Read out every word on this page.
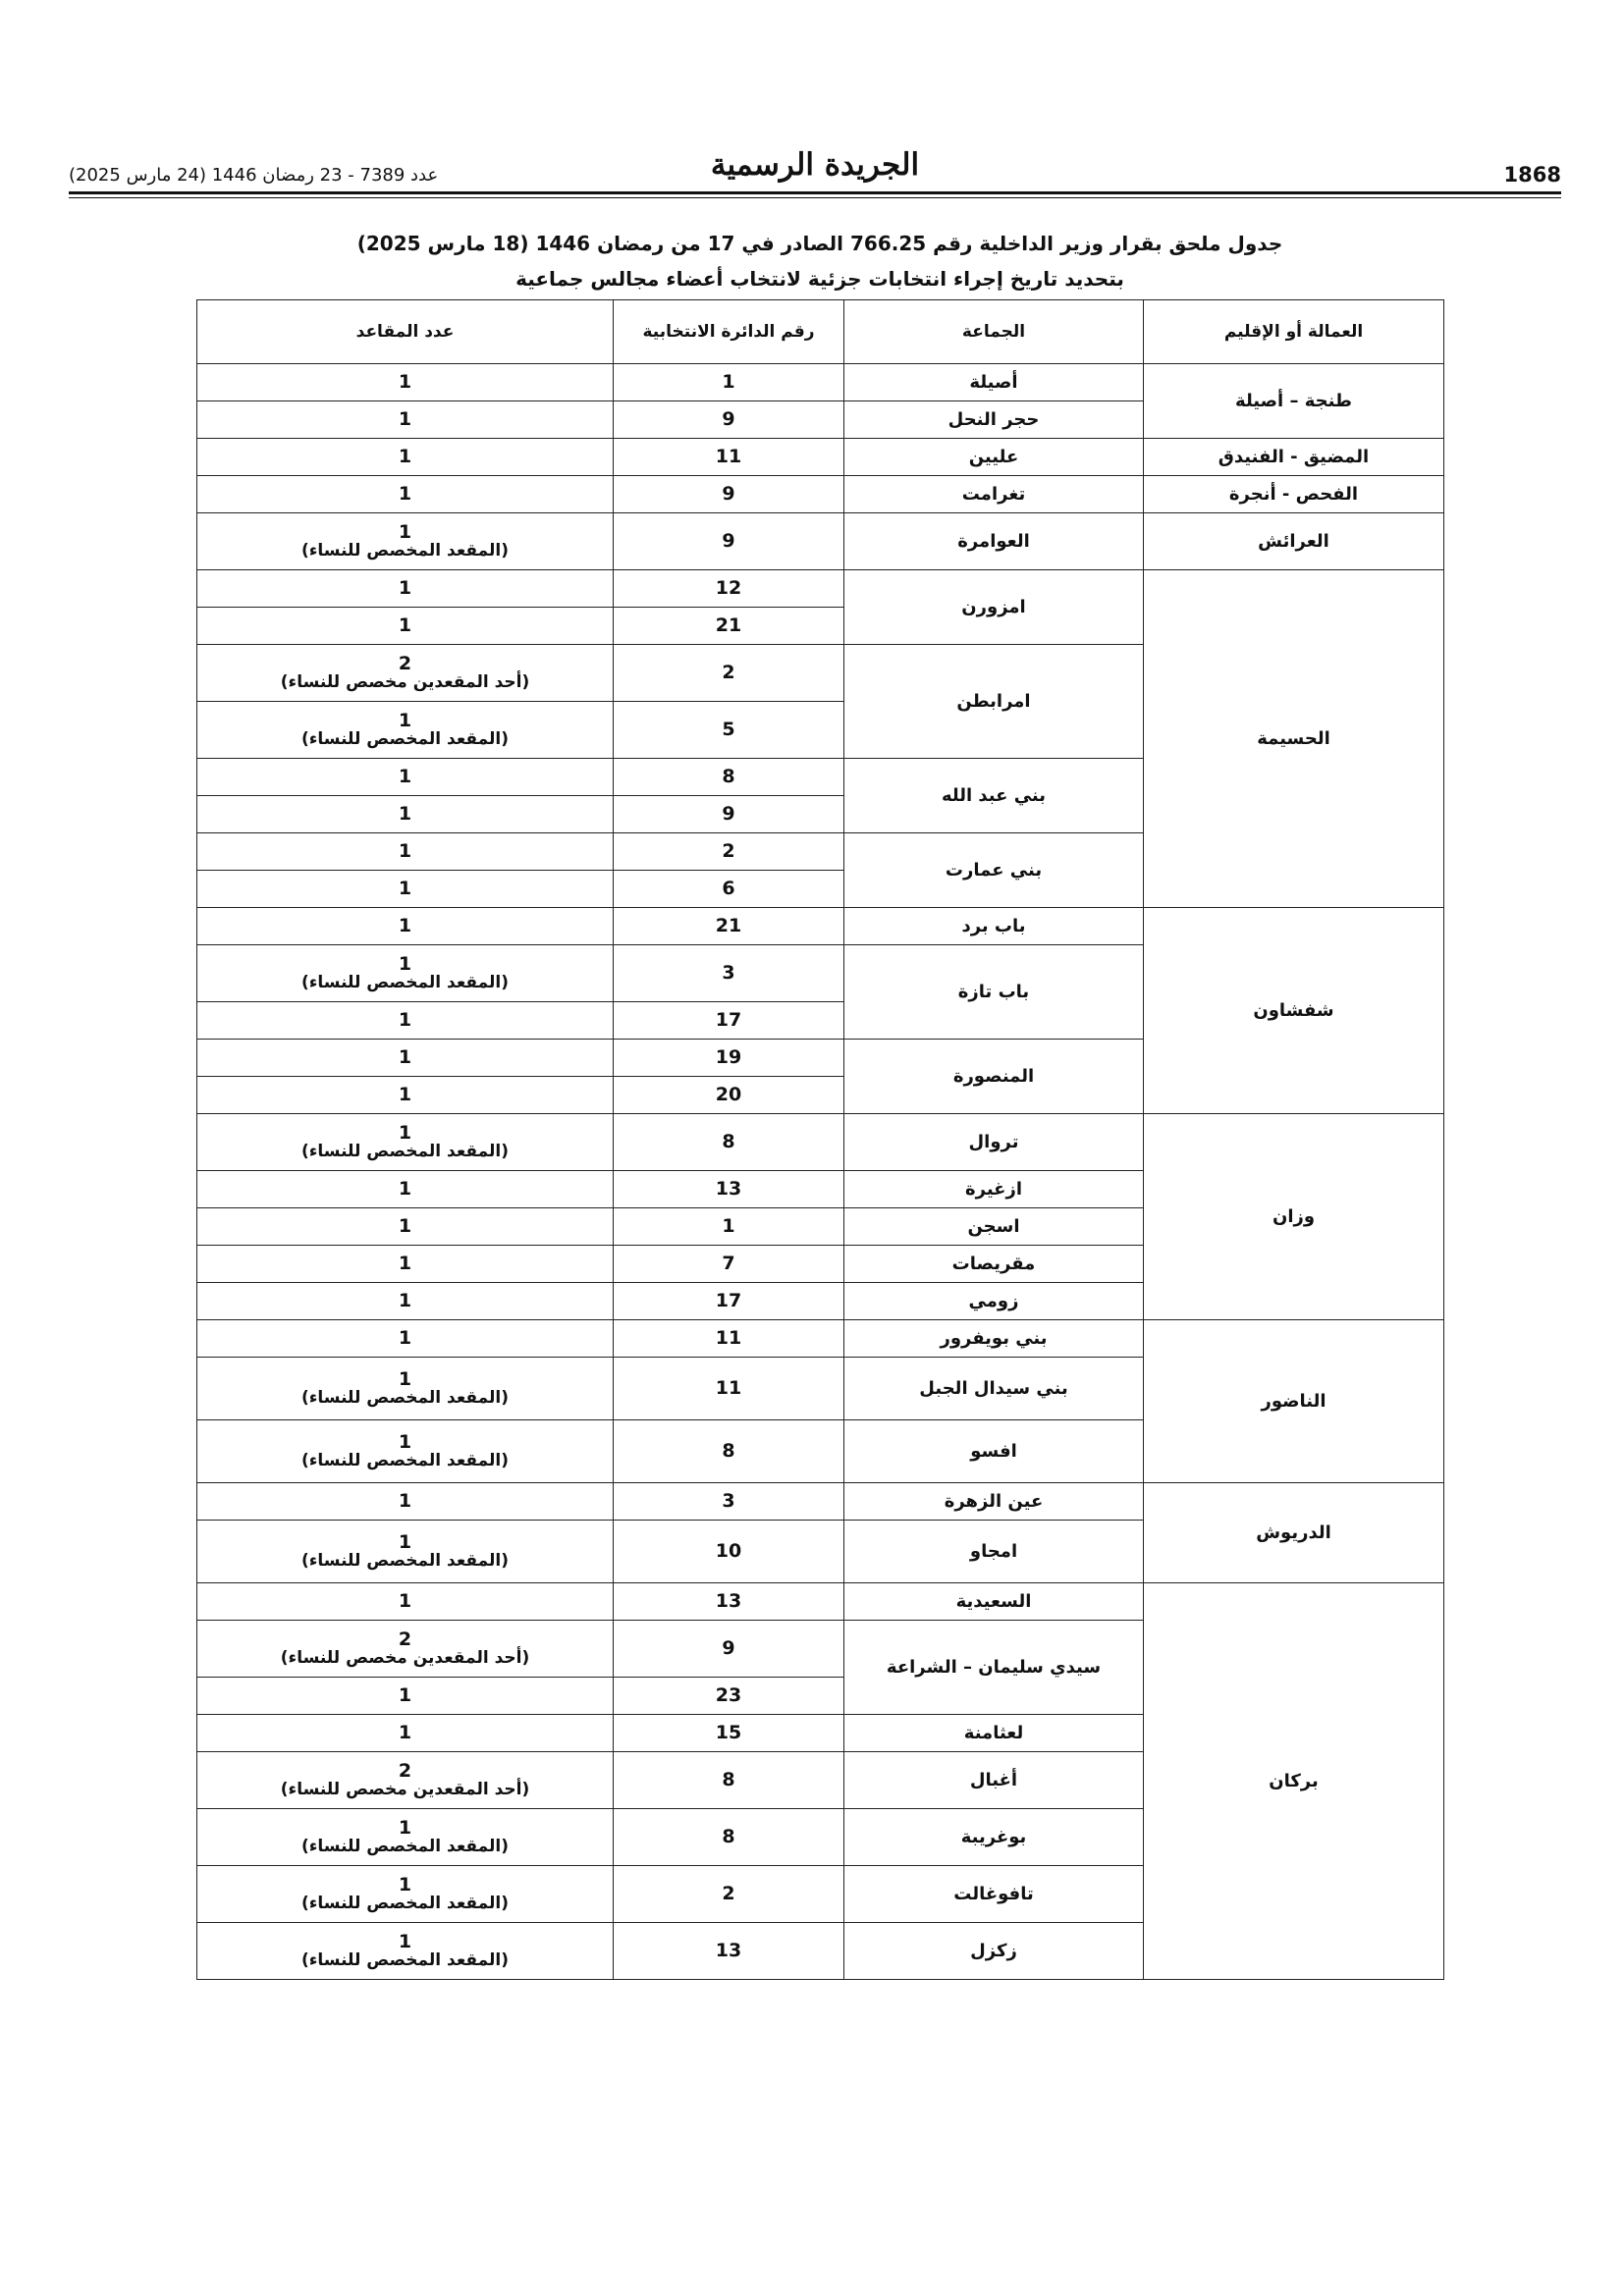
1868
الجريدة الرسمية
عدد 7389 - 23 رمضان 1446 (24 مارس 2025)
جدول ملحق بقرار وزير الداخلية رقم 766.25 الصادر في 17 من رمضان 1446 (18 مارس 2025)
بتحديد تاريخ إجراء انتخابات جزئية لانتخاب أعضاء مجالس جماعية
العمالة أو الإقليم	الجماعة	رقم الدائرة الانتخابية	عدد المقاعد
طنجة – أصيلة	أصيلة	1	1

	حجر النحل	9	1

المضيق - الفنيدق	عليين	11	1

الفحص - أنجرة	تغرامت	9	1

العرائش	العوامرة	9	1
(المقعد المخصص للنساء)

الحسيمة	امزورن	12	1

		21	1

	امرابطن	2	2
(أحد المقعدين مخصص للنساء)

		5	1
(المقعد المخصص للنساء)

	بني عبد الله	8	1

		9	1

	بني عمارت	2	1

		6	1

شفشاون	باب برد	21	1

	باب تازة	3	1
(المقعد المخصص للنساء)

		17	1

	المنصورة	19	1

		20	1

وزان	تروال	8	1
(المقعد المخصص للنساء)

	ازغيرة	13	1

	اسجن	1	1

	مقريصات	7	1

	زومي	17	1

الناضور	بني بويفرور	11	1

	بني سيدال الجبل	11	1
(المقعد المخصص للنساء)

	افسو	8	1
(المقعد المخصص للنساء)

الدريوش	عين الزهرة	3	1

	امجاو	10	1
(المقعد المخصص للنساء)

بركان	السعيدية	13	1

	سيدي سليمان – الشراعة	9	2
(أحد المقعدين مخصص للنساء)

		23	1

	لعثامنة	15	1

	أغبال	8	2
(أحد المقعدين مخصص للنساء)

	بوغريبة	8	1
(المقعد المخصص للنساء)

	تافوغالت	2	1
(المقعد المخصص للنساء)

	زكزل	13	1
(المقعد المخصص للنساء)
